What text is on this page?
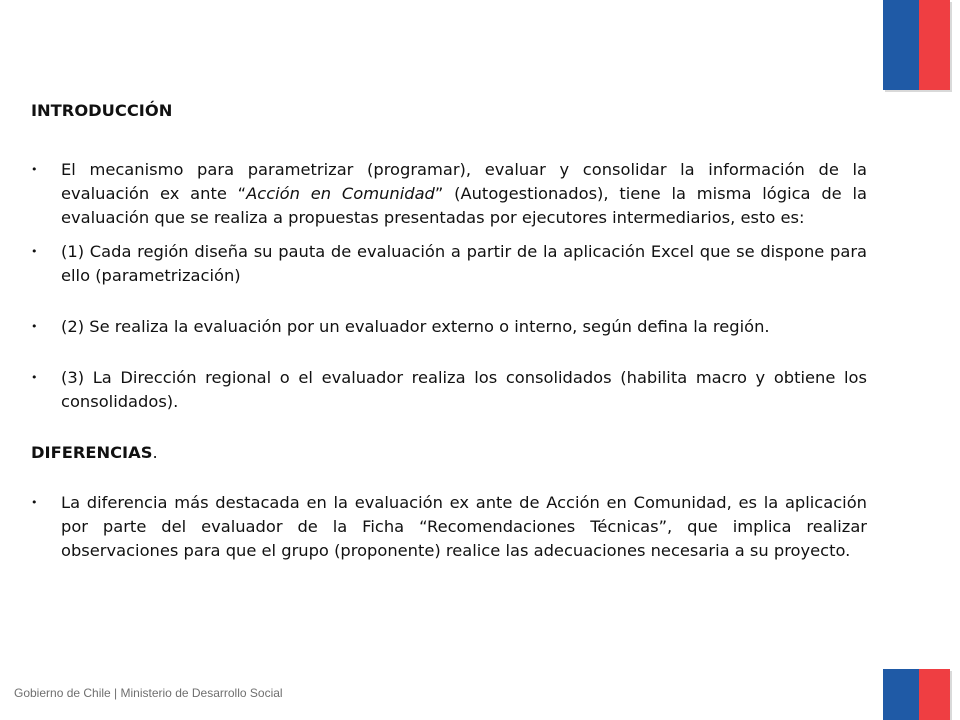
INTRODUCCIÓN

• El mecanismo para parametrizar (programar), evaluar y consolidar la información de la evaluación ex ante “Acción en Comunidad” (Autogestionados), tiene la misma lógica de la evaluación que se realiza a propuestas presentadas por ejecutores intermediarios, esto es:
• (1) Cada región diseña su pauta de evaluación a partir de la aplicación Excel que se dispone para ello (parametrización)
• (2) Se realiza la evaluación por un evaluador externo o interno, según defina la región.
• (3) La Dirección regional o el evaluador realiza los consolidados (habilita macro y obtiene los consolidados).

DIFERENCIAS.

• La diferencia más destacada en la evaluación ex ante de Acción en Comunidad, es la aplicación por parte del evaluador de la Ficha “Recomendaciones Técnicas”, que implica realizar observaciones para que el grupo (proponente) realice las adecuaciones necesaria a su proyecto.
Gobierno de Chile | Ministerio de Desarrollo Social
